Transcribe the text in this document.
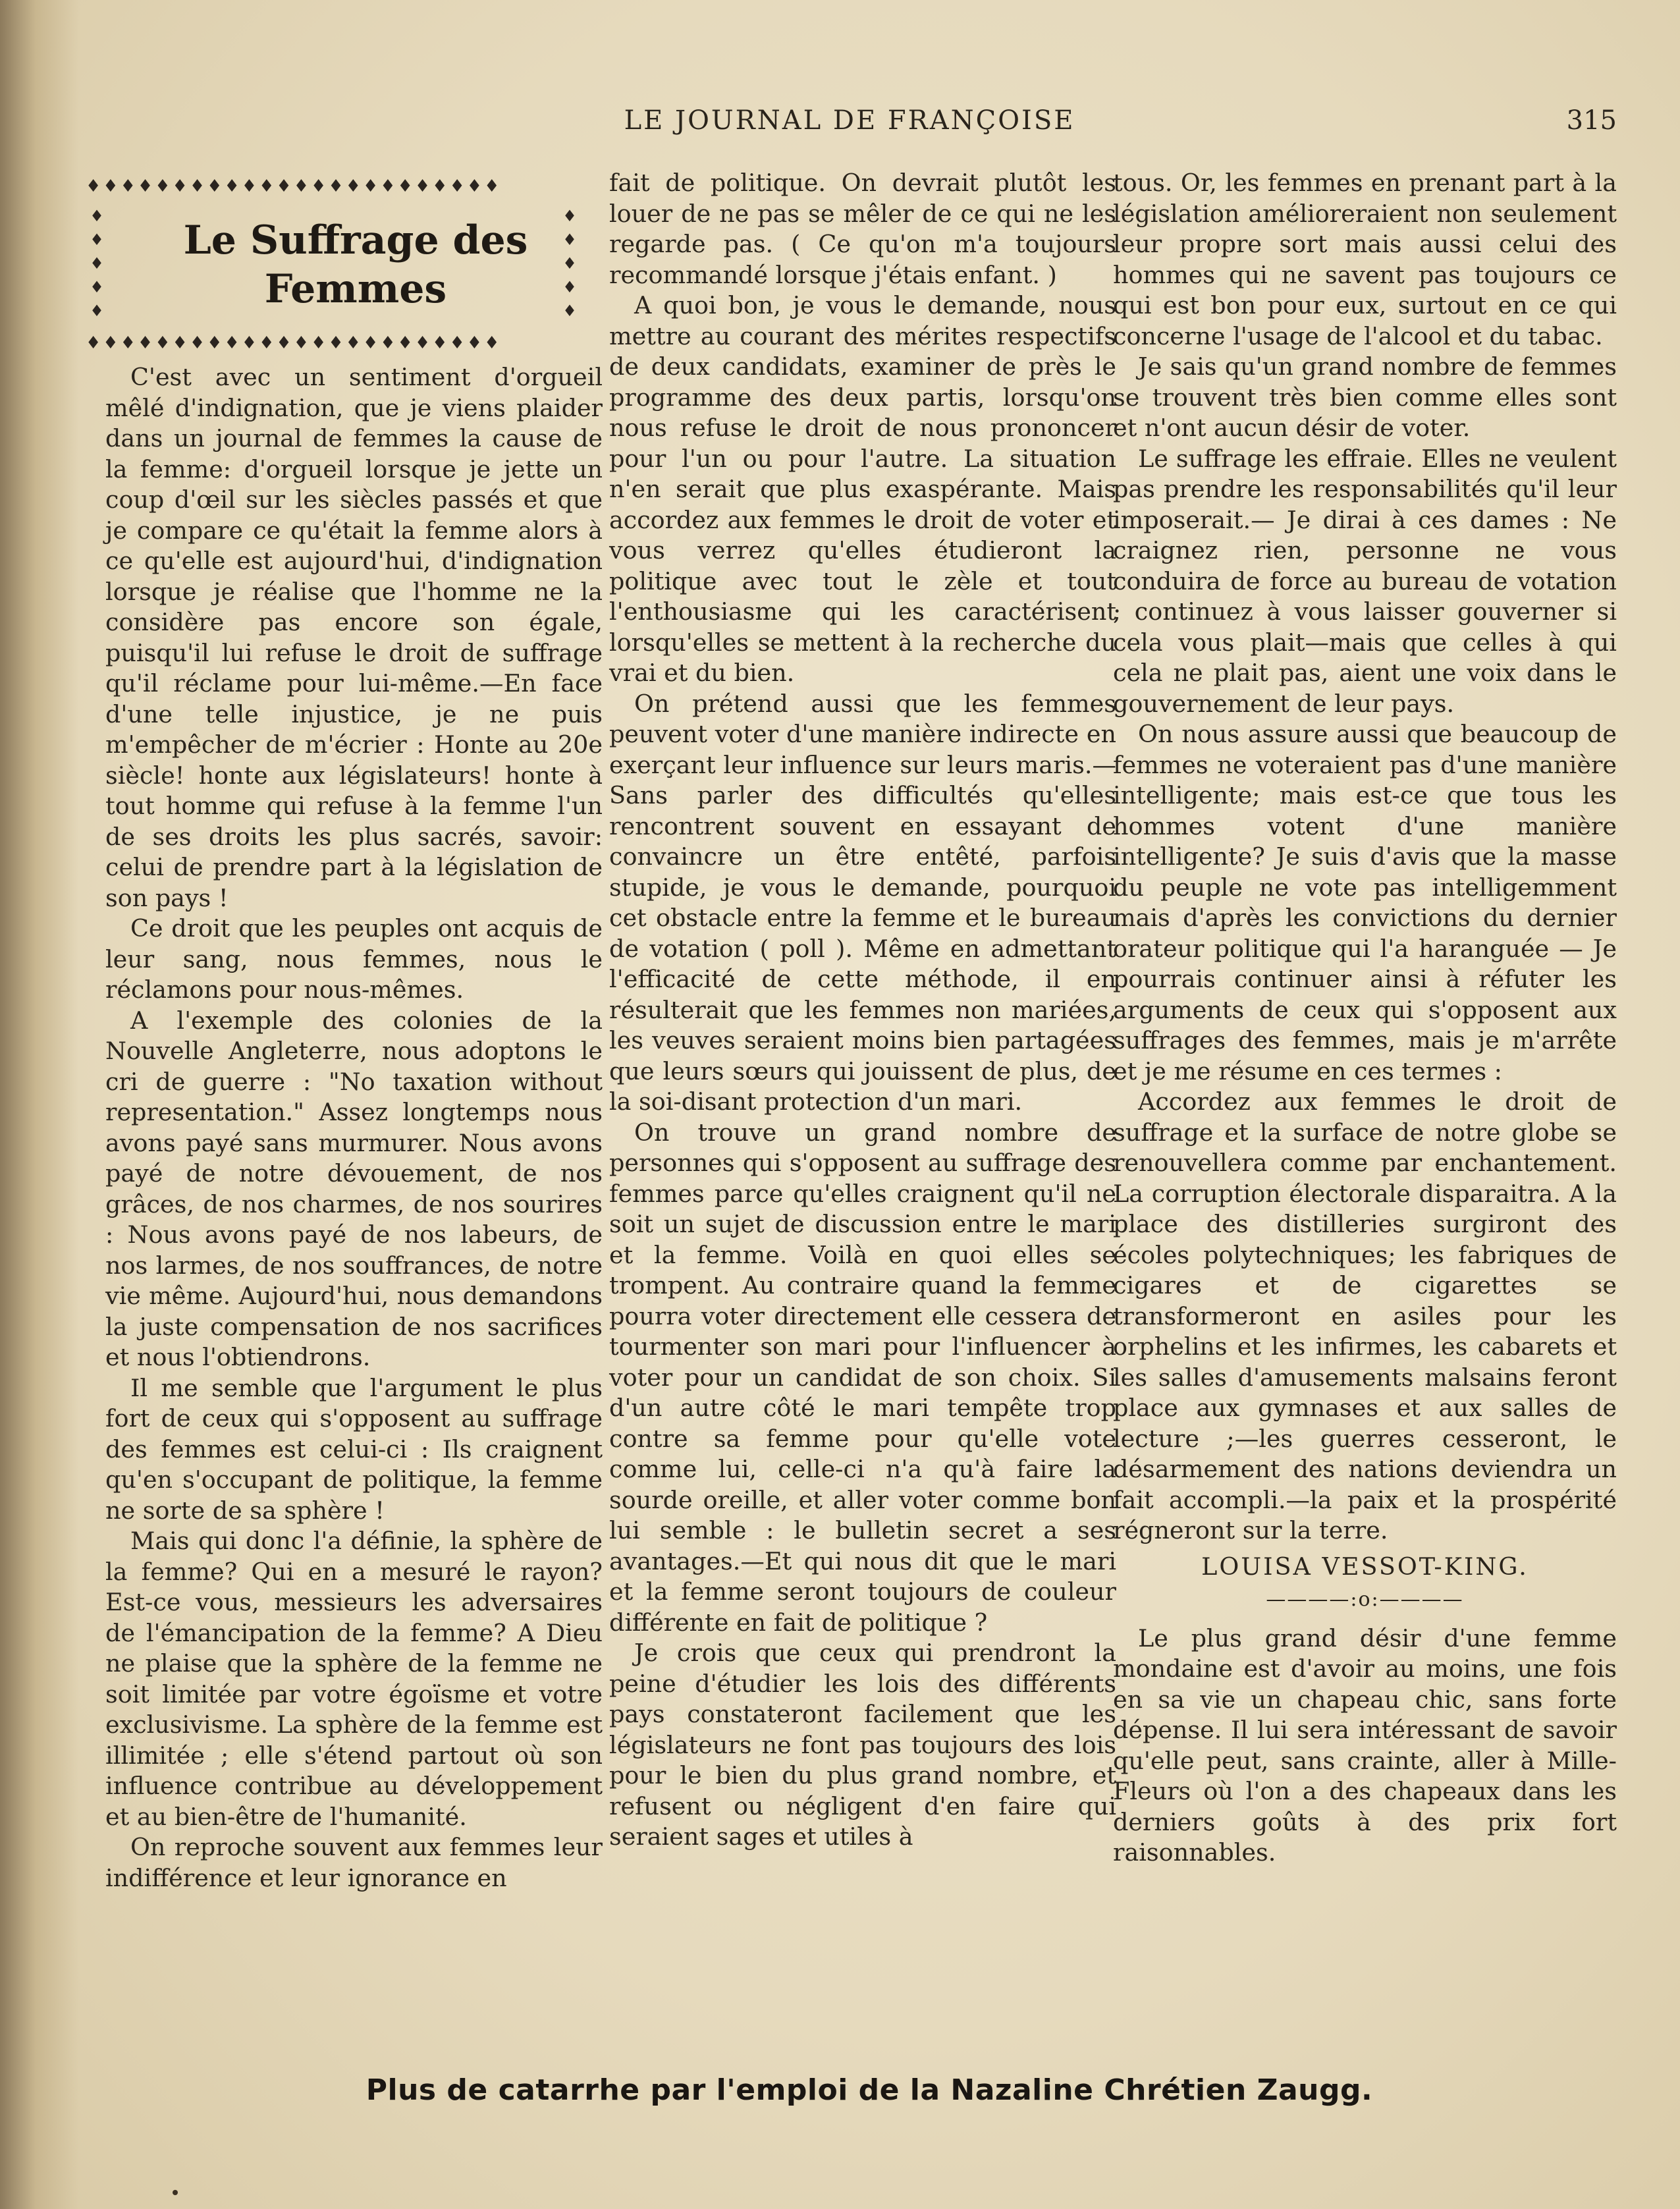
LE JOURNAL DE FRANÇOISE	315
♦♦♦♦♦♦♦♦♦♦♦♦♦♦♦♦♦♦♦♦♦♦♦♦
♦
♦
♦
♦
♦
♦
♦
♦
♦
♦
Le Suffrage des
Femmes
♦♦♦♦♦♦♦♦♦♦♦♦♦♦♦♦♦♦♦♦♦♦♦♦

C'est avec un sentiment d'orgueil mêlé d'indignation, que je viens plaider dans un journal de femmes la cause de la femme: d'orgueil lorsque je jette un coup d'œil sur les siècles passés et que je compare ce qu'était la femme alors à ce qu'elle est aujourd'hui, d'indignation lorsque je réalise que l'homme ne la considère pas encore son égale, puisqu'il lui refuse le droit de suffrage qu'il réclame pour lui-même.—En face d'une telle injustice, je ne puis m'empêcher de m'écrier : Honte au 20e siècle! honte aux législateurs! honte à tout homme qui refuse à la femme l'un de ses droits les plus sacrés, savoir: celui de prendre part à la législation de son pays !

Ce droit que les peuples ont acquis de leur sang, nous femmes, nous le réclamons pour nous-mêmes.

A l'exemple des colonies de la Nouvelle Angleterre, nous adoptons le cri de guerre : "No taxation without representation." Assez longtemps nous avons payé sans murmurer. Nous avons payé de notre dévouement, de nos grâces, de nos charmes, de nos sourires : Nous avons payé de nos labeurs, de nos larmes, de nos souffrances, de notre vie même. Aujourd'hui, nous demandons la juste compensation de nos sacrifices et nous l'obtiendrons.

Il me semble que l'argument le plus fort de ceux qui s'opposent au suffrage des femmes est celui-ci : Ils craignent qu'en s'occupant de politique, la femme ne sorte de sa sphère !

Mais qui donc l'a définie, la sphère de la femme? Qui en a mesuré le rayon? Est-ce vous, messieurs les adversaires de l'émancipation de la femme? A Dieu ne plaise que la sphère de la femme ne soit limitée par votre égoïsme et votre exclusivisme. La sphère de la femme est illimitée ; elle s'étend partout où son influence contribue au développement et au bien-être de l'humanité.

On reproche souvent aux femmes leur indifférence et leur ignorance en

fait de politique. On devrait plutôt les louer de ne pas se mêler de ce qui ne les regarde pas. ( Ce qu'on m'a toujours recommandé lorsque j'étais enfant. )

A quoi bon, je vous le demande, nous mettre au courant des mérites respectifs de deux candidats, examiner de près le programme des deux partis, lorsqu'on nous refuse le droit de nous prononcer pour l'un ou pour l'autre. La situation n'en serait que plus exaspérante. Mais accordez aux femmes le droit de voter et vous verrez qu'elles étudieront la politique avec tout le zèle et tout l'enthousiasme qui les caractérisent lorsqu'elles se mettent à la recherche du vrai et du bien.

On prétend aussi que les femmes peuvent voter d'une manière indirecte en exerçant leur influence sur leurs maris.— Sans parler des difficultés qu'elles rencontrent souvent en essayant de convaincre un être entêté, parfois stupide, je vous le demande, pourquoi cet obstacle entre la femme et le bureau de votation ( poll ). Même en admettant l'efficacité de cette méthode, il en résulterait que les femmes non mariées, les veuves seraient moins bien partagées que leurs sœurs qui jouissent de plus, de la soi-disant protection d'un mari.

On trouve un grand nombre de personnes qui s'opposent au suffrage des femmes parce qu'elles craignent qu'il ne soit un sujet de discussion entre le mari et la femme. Voilà en quoi elles se trompent. Au contraire quand la femme pourra voter directement elle cessera de tourmenter son mari pour l'influencer à voter pour un candidat de son choix. Si d'un autre côté le mari tempête trop contre sa femme pour qu'elle vote comme lui, celle-ci n'a qu'à faire la sourde oreille, et aller voter comme bon lui semble : le bulletin secret a ses avantages.—Et qui nous dit que le mari et la femme seront toujours de couleur différente en fait de politique ?

Je crois que ceux qui prendront la peine d'étudier les lois des différents pays constateront facilement que les législateurs ne font pas toujours des lois pour le bien du plus grand nombre, et refusent ou négligent d'en faire qui seraient sages et utiles à

tous. Or, les femmes en prenant part à la législation amélioreraient non seulement leur propre sort mais aussi celui des hommes qui ne savent pas toujours ce qui est bon pour eux, surtout en ce qui concerne l'usage de l'alcool et du tabac.

Je sais qu'un grand nombre de femmes se trouvent très bien comme elles sont et n'ont aucun désir de voter.

Le suffrage les effraie. Elles ne veulent pas prendre les responsabilités qu'il leur imposerait.— Je dirai à ces dames : Ne craignez rien, personne ne vous conduira de force au bureau de votation ; continuez à vous laisser gouverner si cela vous plait—mais que celles à qui cela ne plait pas, aient une voix dans le gouvernement de leur pays.

On nous assure aussi que beaucoup de femmes ne voteraient pas d'une manière intelligente; mais est-ce que tous les hommes votent d'une manière intelligente? Je suis d'avis que la masse du peuple ne vote pas intelligemment mais d'après les convictions du dernier orateur politique qui l'a haranguée — Je pourrais continuer ainsi à réfuter les arguments de ceux qui s'opposent aux suffrages des femmes, mais je m'arrête et je me résume en ces termes :

Accordez aux femmes le droit de suffrage et la surface de notre globe se renouvellera comme par enchantement. La corruption électorale disparaitra. A la place des distilleries surgiront des écoles polytechniques; les fabriques de cigares et de cigarettes se transformeront en asiles pour les orphelins et les infirmes, les cabarets et les salles d'amusements malsains feront place aux gymnases et aux salles de lecture ;—les guerres cesseront, le désarmement des nations deviendra un fait accompli.—la paix et la prospérité régneront sur la terre.

LOUISA VESSOT-KING.
————:o:————

Le plus grand désir d'une femme mondaine est d'avoir au moins, une fois en sa vie un chapeau chic, sans forte dépense. Il lui sera intéressant de savoir qu'elle peut, sans crainte, aller à Mille-Fleurs où l'on a des chapeaux dans les derniers goûts à des prix fort raisonnables.

Plus de catarrhe par l'emploi de la Nazaline Chrétien Zaugg.
